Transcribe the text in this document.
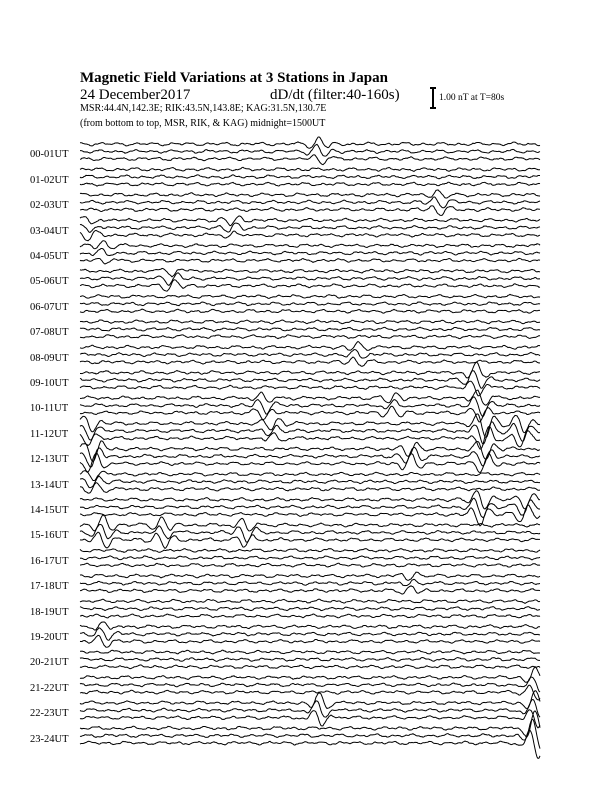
Magnetic Field Variations at 3 Stations in Japan
24 December2017	dD/dt (filter:40-160s)
MSR:44.4N,142.3E; RIK:43.5N,143.8E; KAG:31.5N,130.7E
(from bottom to top, MSR, RIK, & KAG) midnight=1500UT
1.00 nT at T=80s
00-01UT
01-02UT
02-03UT
03-04UT
04-05UT
05-06UT
06-07UT
07-08UT
08-09UT
09-10UT
10-11UT
11-12UT
12-13UT
13-14UT
14-15UT
15-16UT
16-17UT
17-18UT
18-19UT
19-20UT
20-21UT
21-22UT
22-23UT
23-24UT
